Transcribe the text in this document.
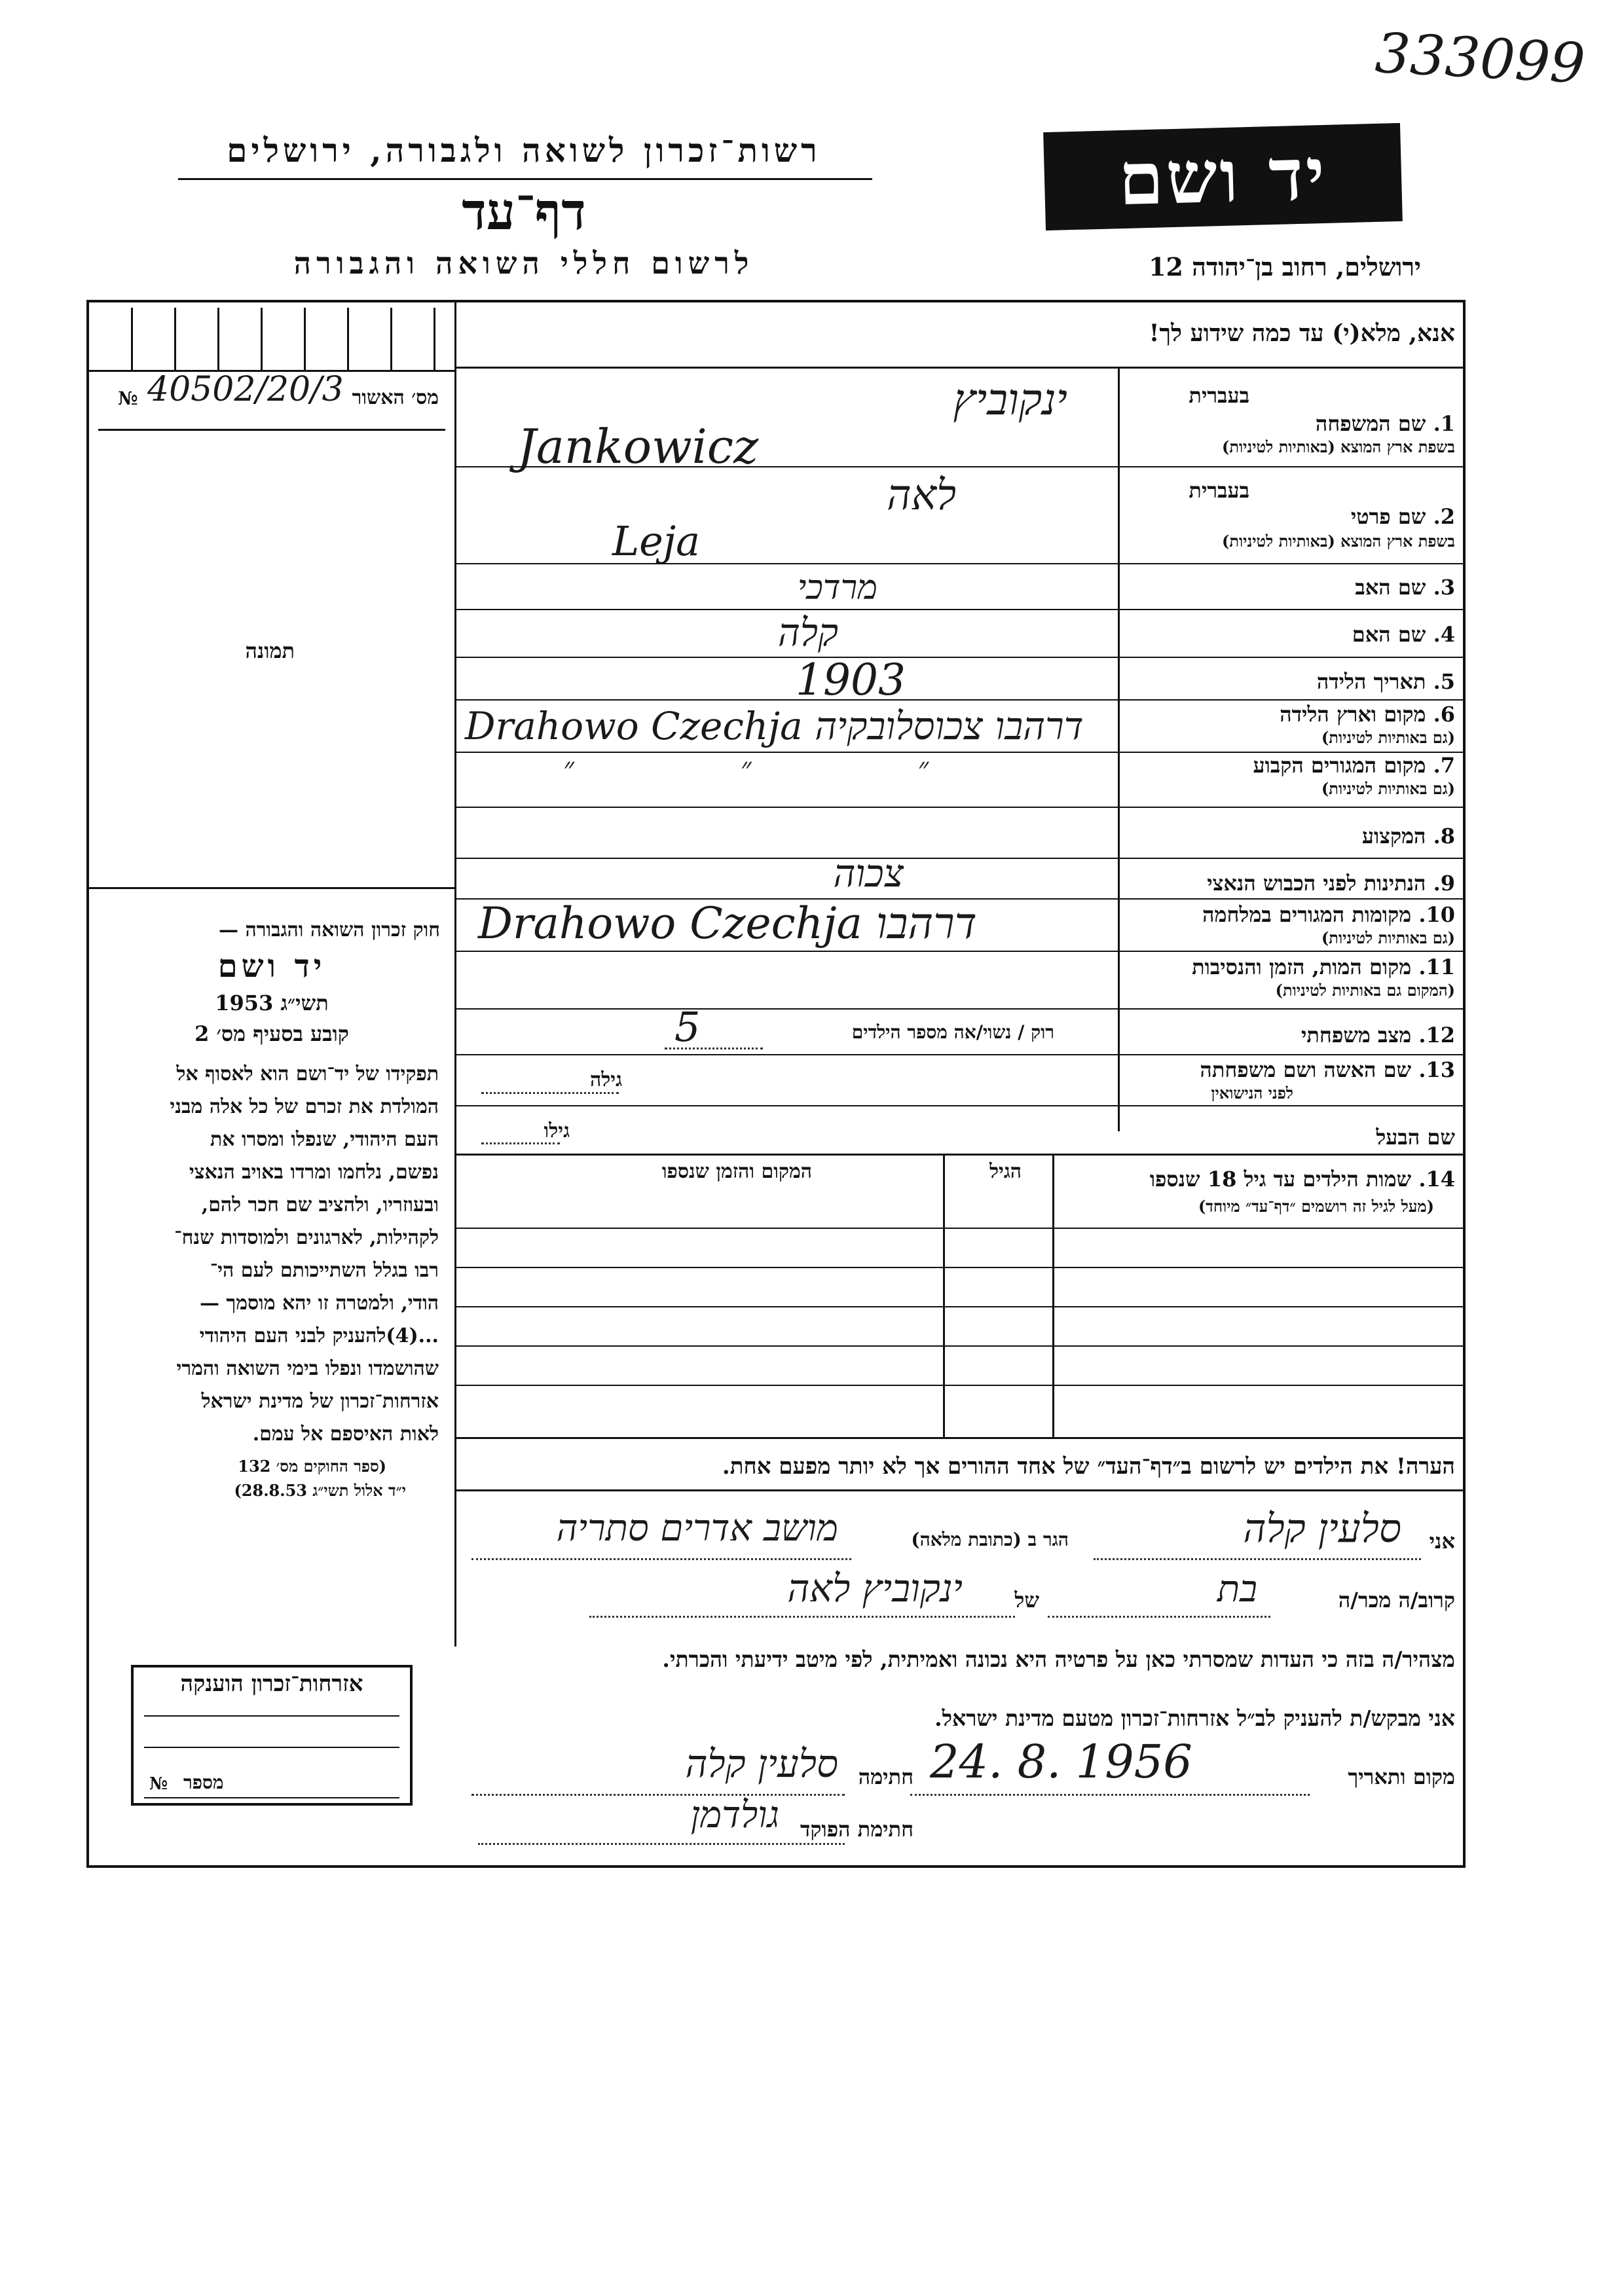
333099
רשות־זכרון לשואה ולגבורה, ירושלים
דף־עד
לרשום חללי השואה והגבורה
יד ושם
ירושלים, רחוב בן־יהודה 12
№ 40502/20/3 מס׳ האשור
תמונה
חוק זכרון השואה והגבורה —
יד ושם
תשי״ג 1953
קובע בסעיף מס׳ 2
תפקידו של יד־ושם הוא לאסוף אל
המולדת את זכרם של כל אלה מבני
העם היהודי, שנפלו ומסרו את
נפשם, נלחמו ומרדו באויב הנאצי
ובעוזריו, ולהציב שם חכר להם,
לקהילות, לארגונים ולמוסדות שנח־
רבו בגלל השתייכותם לעם הי־
הודי, ולמטרה זו יהא מוסמך —
...(4)להעניק לבני העם היהודי
שהושמדו ונפלו בימי השואה והמרי
אזרחות־זכרון של מדינת ישראל
לאות האיספם אל עמם.
(ספר החוקים מס׳ 132
י״ד אלול תשי״ג 28.8.53)
אזרחות־זכרון הוענקה
№ מספר
אנא, מלא(י) עד כמה שידוע לך!
בעברית
1. שם המשפחה
בשפת ארץ המוצא (באותיות לטיניות)
ינקוביץ
Jankowicz
בעברית
2. שם פרטי
בשפת ארץ המוצא (באותיות לטיניות)
לאה
Leja
3. שם האב
מרדכי
4. שם האם
קלה
5. תאריך הלידה
1903
6. מקום וארץ הלידה
(גם באותיות לטיניות)
Drahowo Czechja דרהבו צכוסלובקיה
7. מקום המגורים הקבוע
(גם באותיות לטיניות)
״ ״ ״
8. המקצוע
9. הנתינות לפני הכבוש הנאצי
צכוה
10. מקומות המגורים במלחמה
(גם באותיות לטיניות)
Drahowo Czechja דרהבו
11. מקום המות, הזמן והנסיבות
(המקום גם באותיות לטיניות)
12. מצב משפחתי
רוק / נשוי/אה מספר הילדים
5
13. שם האשה ושם משפחתה
לפני הנישואין
גילה
שם הבעל
גילו
14. שמות הילדים עד גיל 18 שנספו
(מעל לגיל זה רושמים ״דף־עד״ מיוחד)
הגיל
המקום והזמן שנספו
הערה! את הילדים יש לרשום ב״דף־העד״ של אחד ההורים אך לא יותר מפעם אחת.
אני
סלעין קלה
הגר ב (כתובת מלאה)
מושב אדרים סתריה
קרוב/ה מכר/ה
בת
של
ינקוביץ לאה
מצהיר/ה בזה כי העדות שמסרתי כאן על פרטיה היא נכונה ואמיתית, לפי מיטב ידיעתי והכרתי.
אני מבקש/ת להעניק לב״ל אזרחות־זכרון מטעם מדינת ישראל.
מקום ותאריך
24. 8. 1956
חתימה
סלעין קלה
חתימת הפוקד
גולדמן
